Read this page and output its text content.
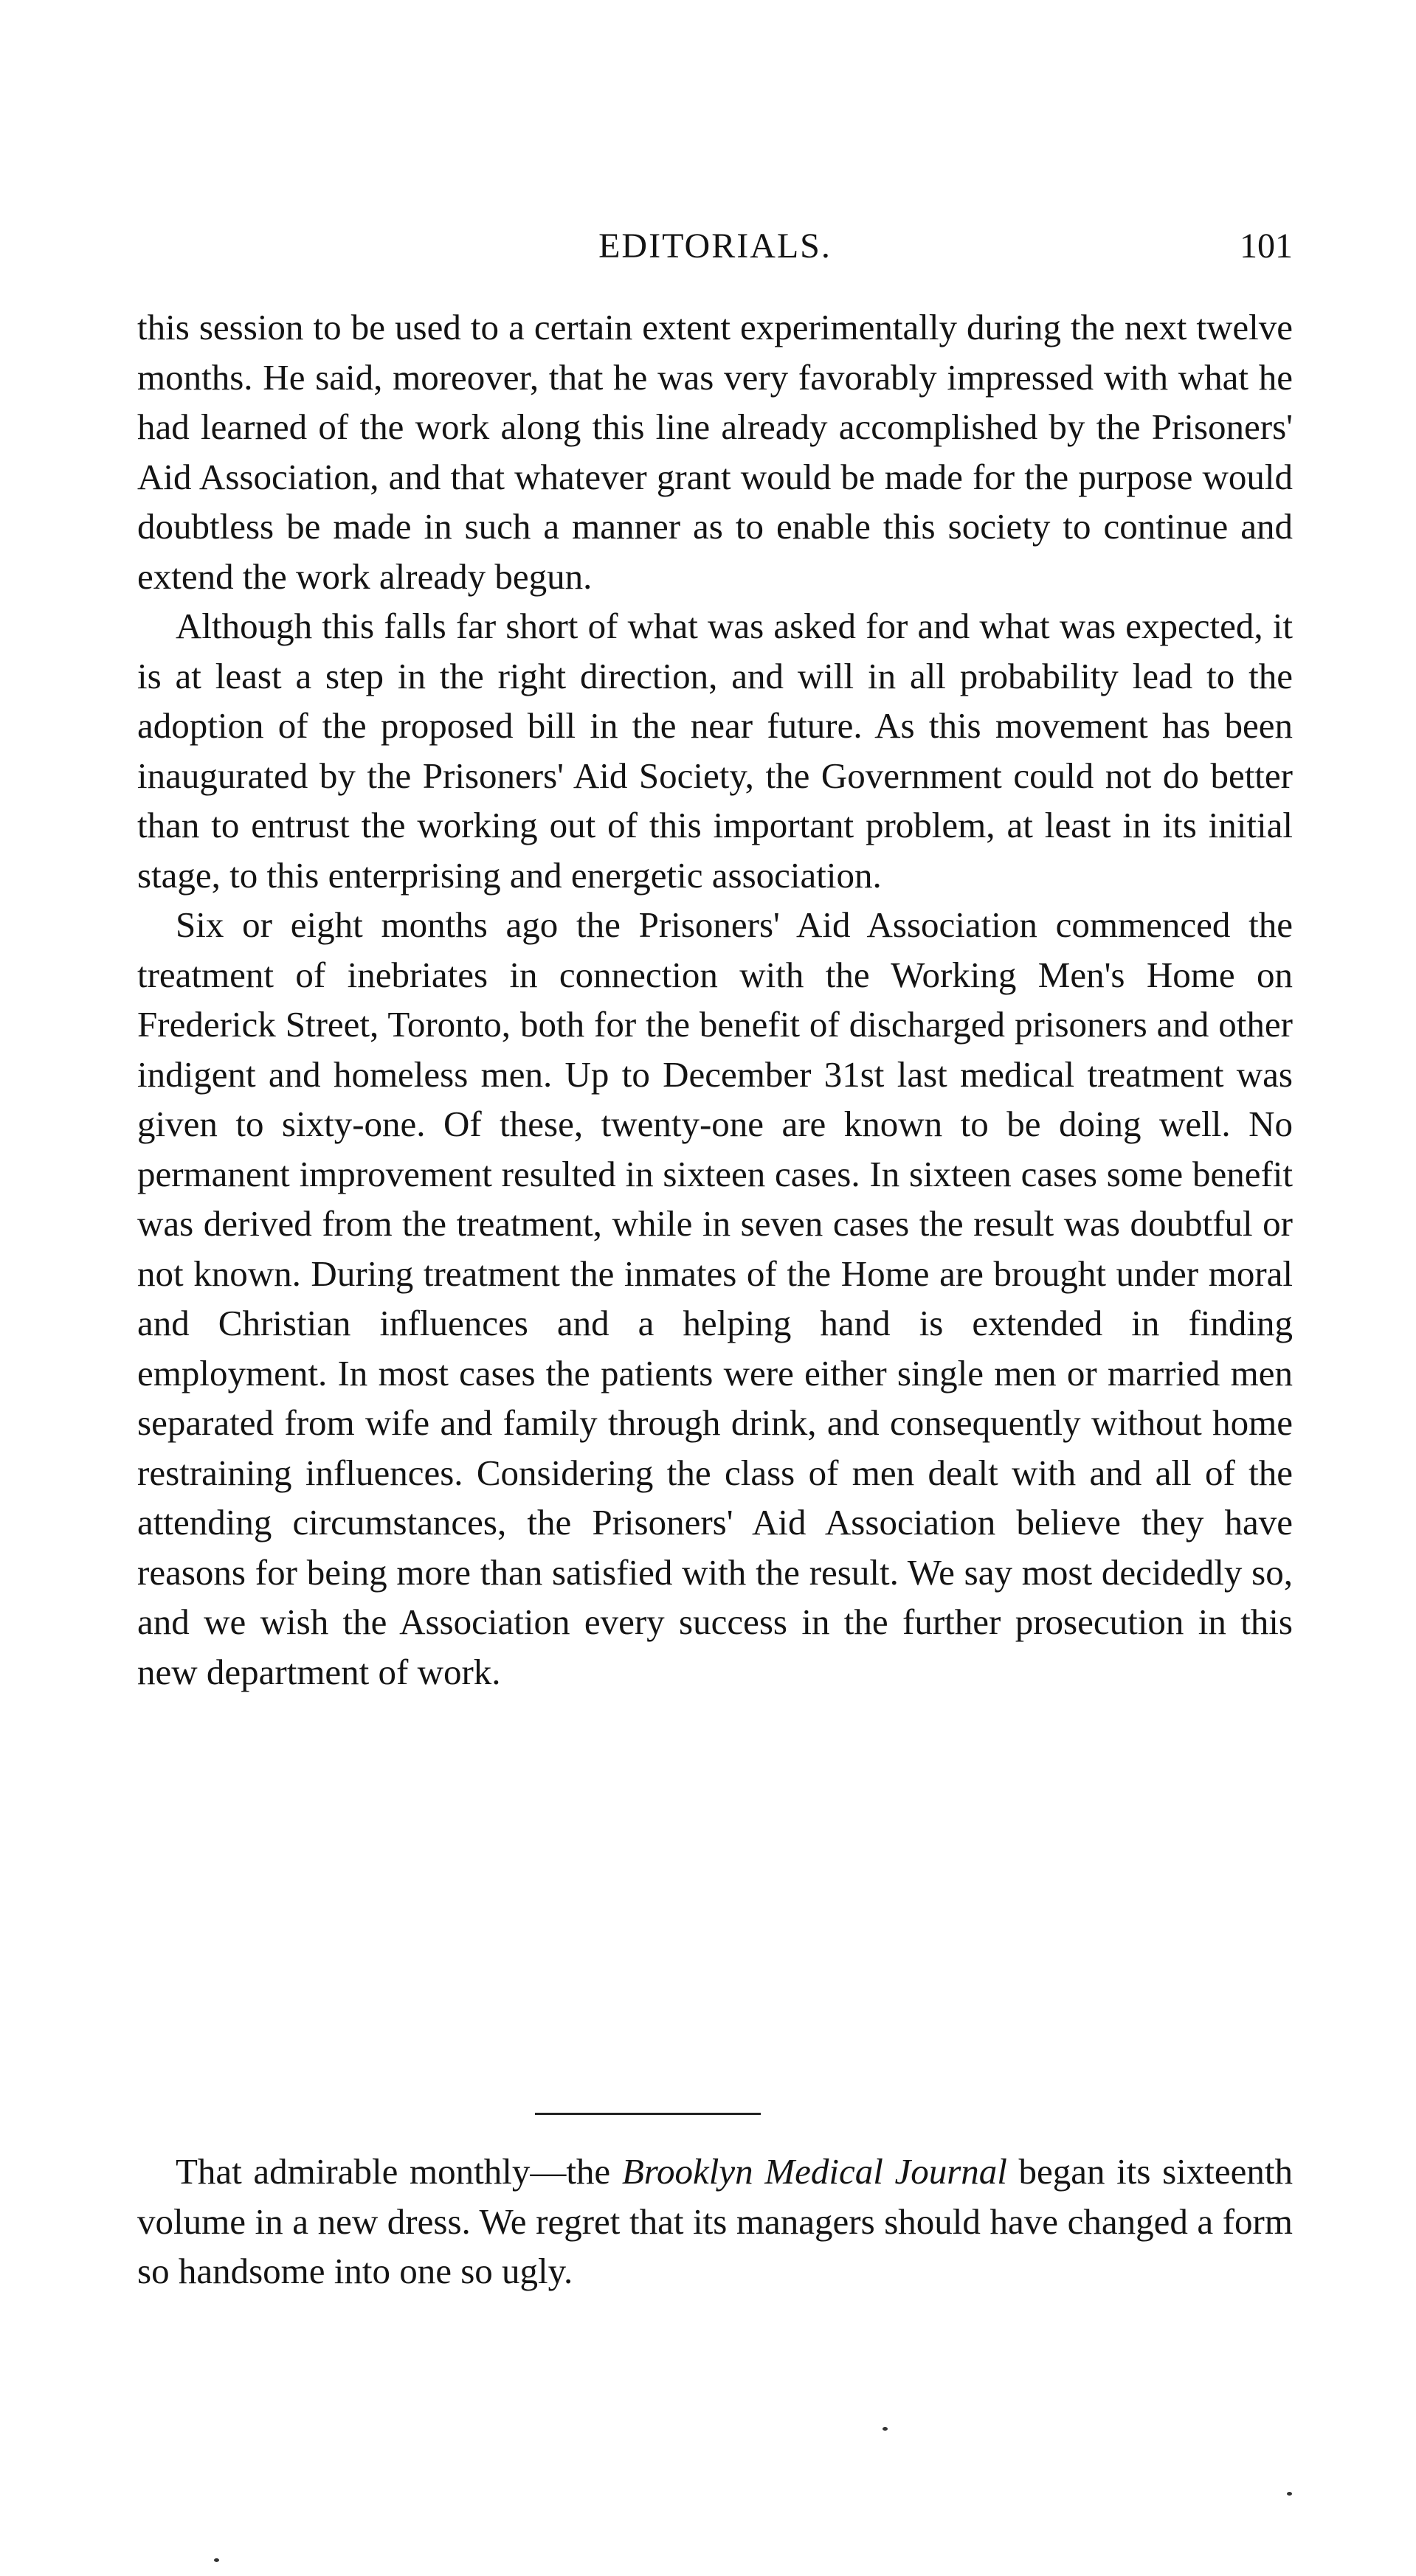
EDITORIALS.	101

this session to be used to a certain extent experimentally during the next twelve months. He said, moreover, that he was very favorably impressed with what he had learned of the work along this line already accomplished by the Prisoners' Aid Association, and that whatever grant would be made for the purpose would doubtless be made in such a manner as to enable this society to continue and extend the work already begun.

Although this falls far short of what was asked for and what was expected, it is at least a step in the right direction, and will in all probability lead to the adoption of the proposed bill in the near future. As this movement has been inaugurated by the Prisoners' Aid Society, the Government could not do better than to entrust the working out of this important problem, at least in its initial stage, to this enterprising and energetic association.

Six or eight months ago the Prisoners' Aid Association commenced the treatment of inebriates in connection with the Working Men's Home on Frederick Street, Toronto, both for the benefit of discharged prisoners and other indigent and homeless men. Up to December 31st last medical treatment was given to sixty-one. Of these, twenty-one are known to be doing well. No permanent improvement resulted in sixteen cases. In sixteen cases some benefit was derived from the treatment, while in seven cases the result was doubtful or not known. During treatment the inmates of the Home are brought under moral and Christian influences and a helping hand is extended in finding employment. In most cases the patients were either single men or married men separated from wife and family through drink, and consequently without home restraining influences. Considering the class of men dealt with and all of the attending circumstances, the Prisoners' Aid Association believe they have reasons for being more than satisfied with the result. We say most decidedly so, and we wish the Association every success in the further prosecution in this new department of work.

That admirable monthly—the Brooklyn Medical Journal began its sixteenth volume in a new dress. We regret that its managers should have changed a form so handsome into one so ugly.
